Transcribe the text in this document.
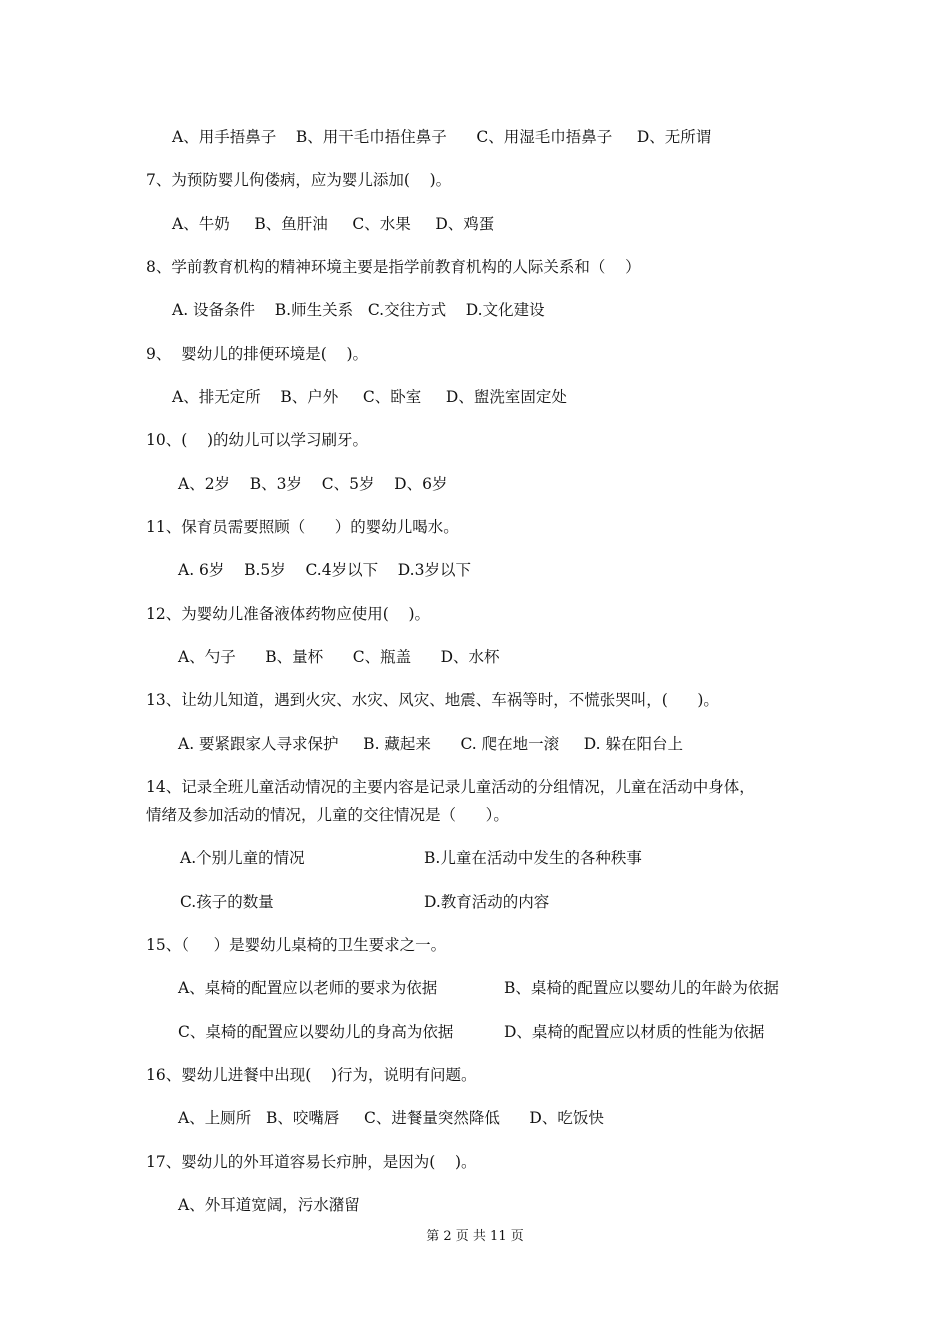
A、用手捂鼻子    B、用干毛巾捂住鼻子      C、用湿毛巾捂鼻子     D、无所谓
7、为预防婴儿佝偻病，应为婴儿添加(    )。
A、牛奶     B、鱼肝油     C、水果     D、鸡蛋
8、学前教育机构的精神环境主要是指学前教育机构的人际关系和（    ）
A. 设备条件    B.师生关系   C.交往方式    D.文化建设
9、  婴幼儿的排便环境是(    )。
A、排无定所    B、户外     C、卧室     D、盥洗室固定处
10、(    )的幼儿可以学习刷牙。
A、2岁    B、3岁    C、5岁    D、6岁
11、保育员需要照顾（      ）的婴幼儿喝水。
A. 6岁    B.5岁    C.4岁以下    D.3岁以下
12、为婴幼儿准备液体药物应使用(    )。
A、勺子      B、量杯      C、瓶盖      D、水杯
13、让幼儿知道，遇到火灾、水灾、风灾、地震、车祸等时，不慌张哭叫，(      )。
A. 要紧跟家人寻求保护     B. 藏起来      C. 爬在地一滚     D. 躲在阳台上
14、记录全班儿童活动情况的主要内容是记录儿童活动的分组情况，儿童在活动中身体，
情绪及参加活动的情况，儿童的交往情况是（      ）。
A.个别儿童的情况	B.儿童在活动中发生的各种秩事
C.孩子的数量	D.教育活动的内容
15、（     ）是婴幼儿桌椅的卫生要求之一。
A、桌椅的配置应以老师的要求为依据	B、桌椅的配置应以婴幼儿的年龄为依据
C、桌椅的配置应以婴幼儿的身高为依据	D、桌椅的配置应以材质的性能为依据
16、婴幼儿进餐中出现(    )行为，说明有问题。
A、上厕所   B、咬嘴唇     C、进餐量突然降低      D、吃饭快
17、婴幼儿的外耳道容易长疖肿，是因为(    )。
A、外耳道宽阔，污水潴留
第 2 页 共 11 页
